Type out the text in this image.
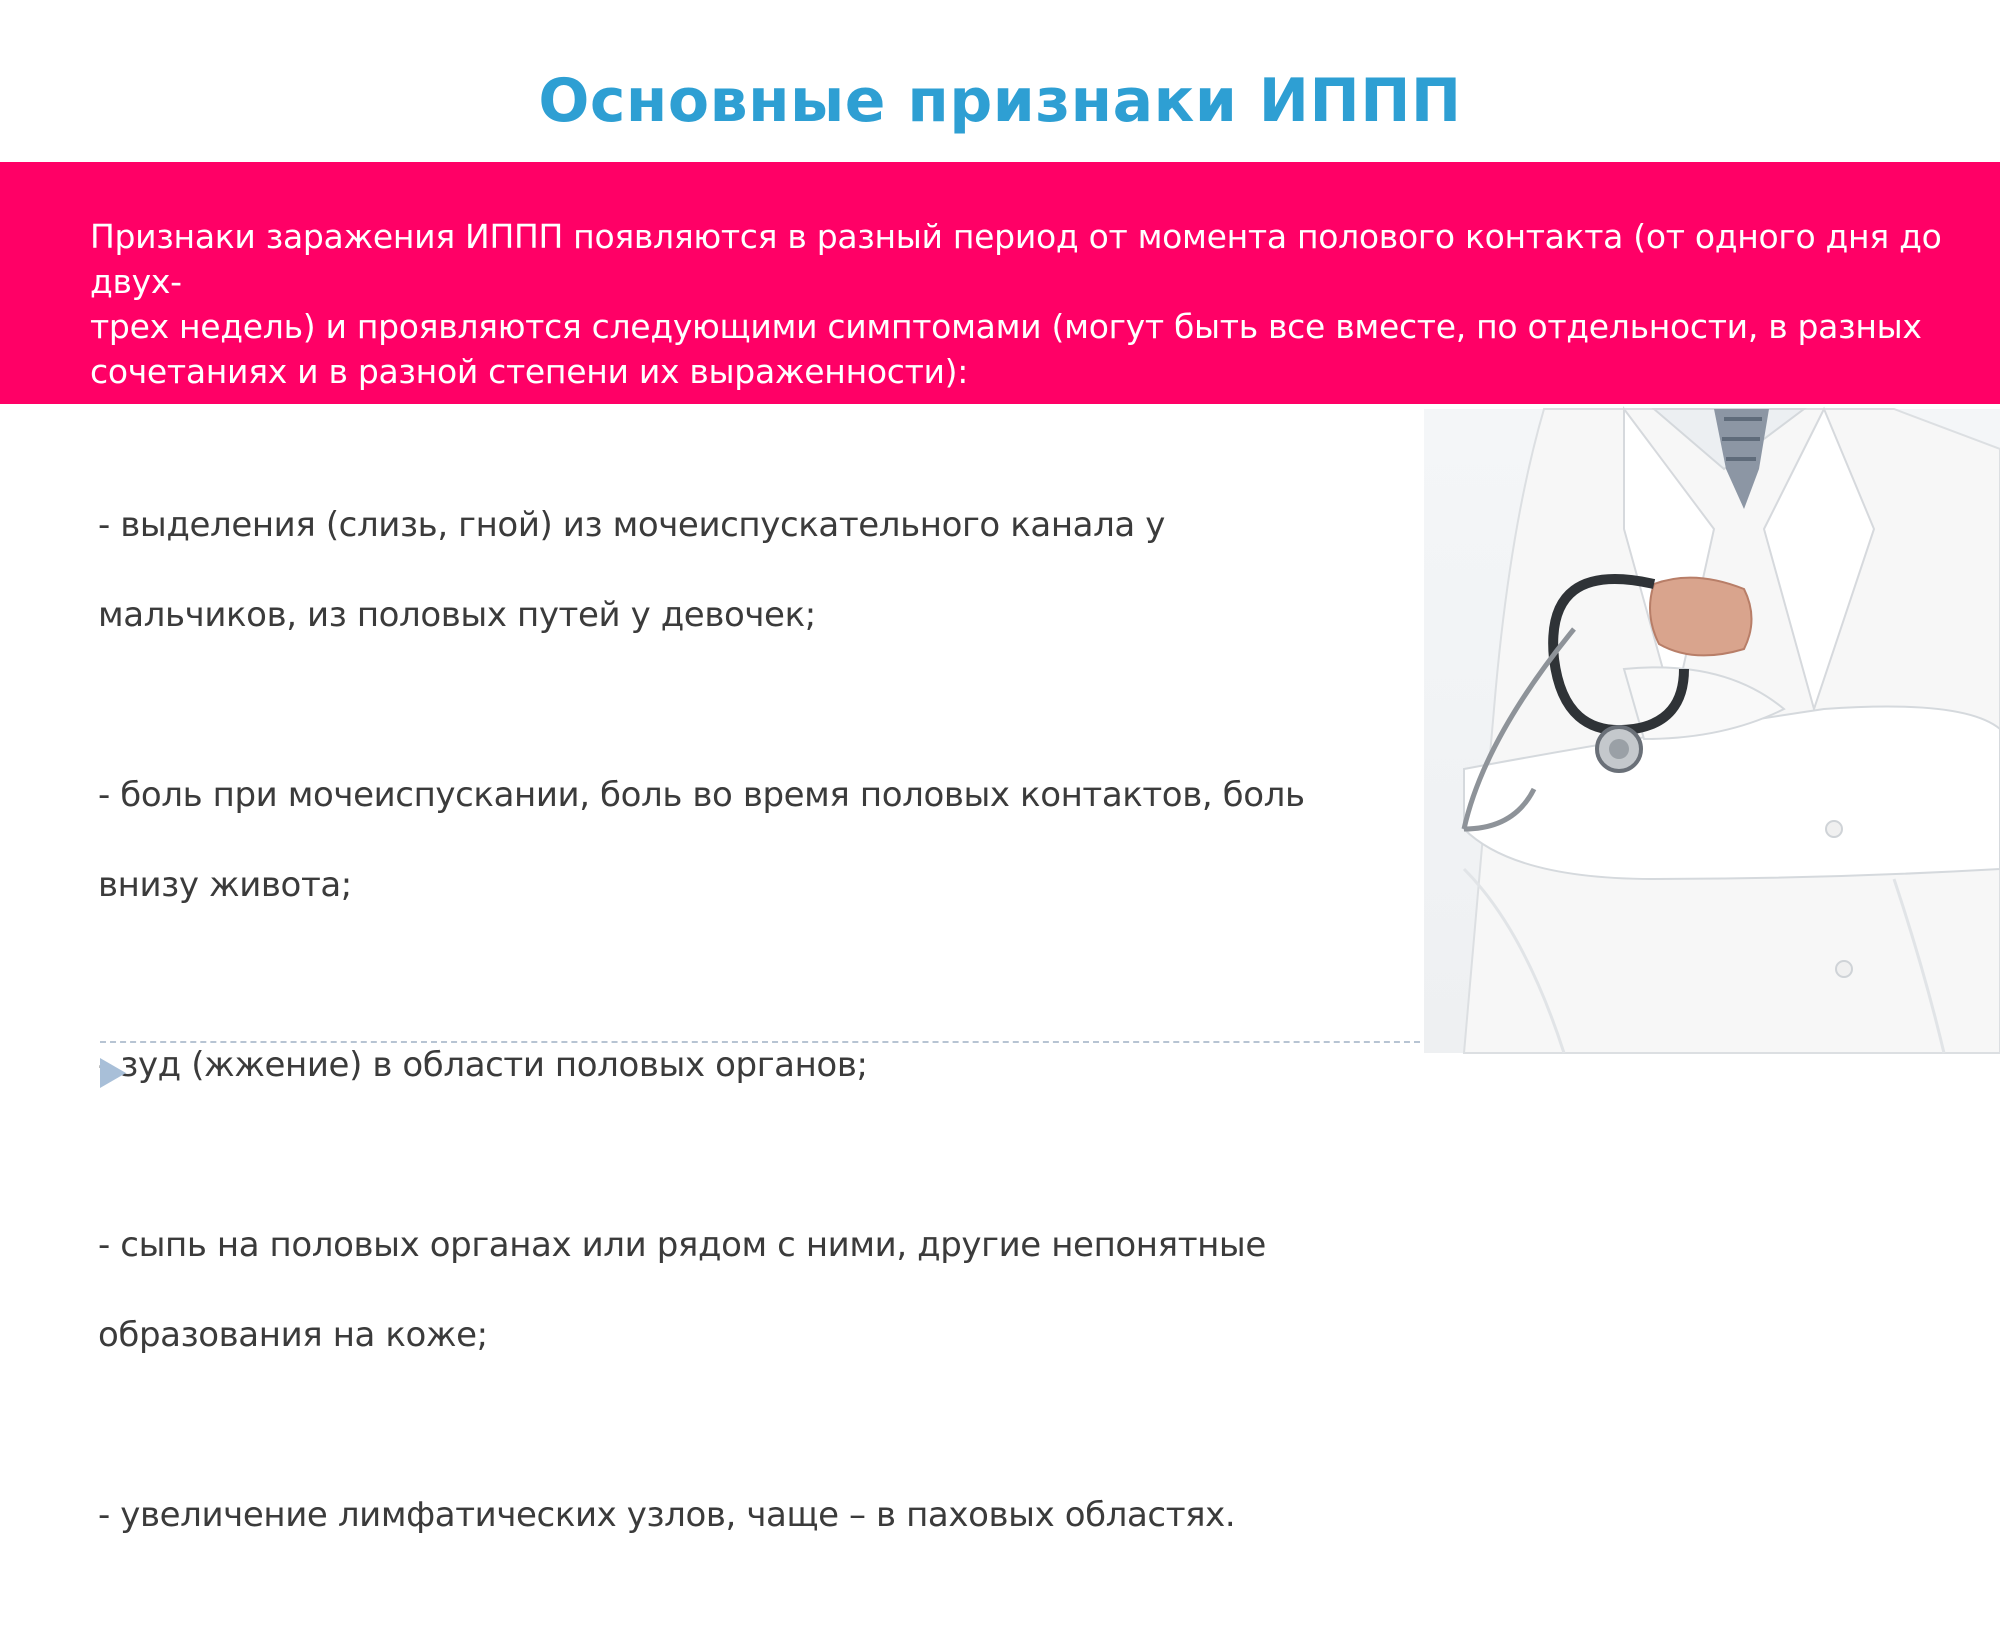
Основные признаки ИППП
Признаки заражения ИППП появляются в разный период от момента полового контакта (от одного дня до двух-
трех недель) и проявляются следующими симптомами (могут быть все вместе, по отдельности, в разных
сочетаниях и в разной степени их выраженности):

- выделения (слизь, гной) из мочеиспускательного канала у

мальчиков, из половых путей у девочек;

- боль при мочеиспускании, боль во время половых контактов, боль

внизу живота;

- зуд (жжение) в области половых органов;

- сыпь на половых органах или рядом с ними, другие непонятные

образования на коже;

- увеличение лимфатических узлов, чаще – в паховых областях.
